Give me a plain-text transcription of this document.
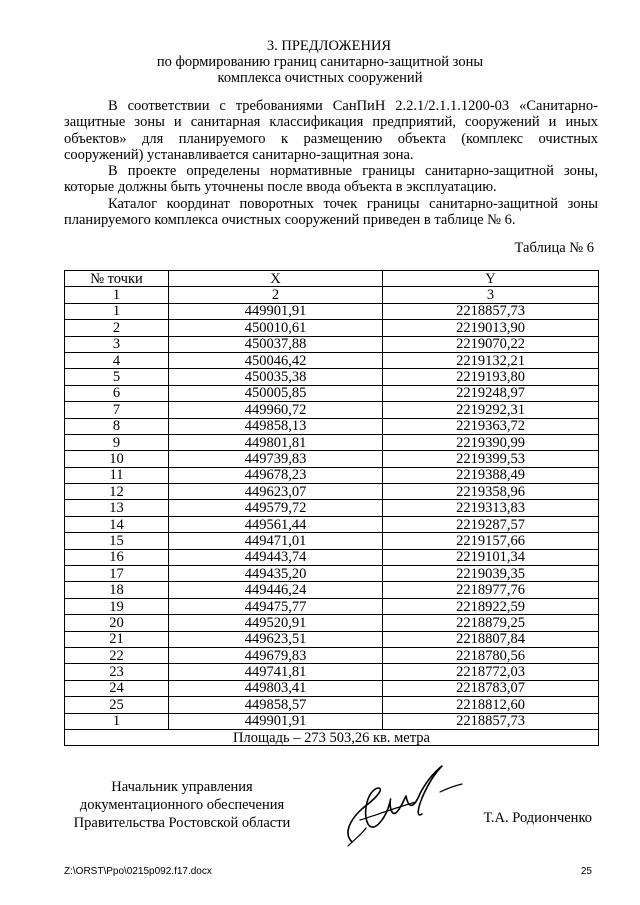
3. ПРЕДЛОЖЕНИЯ
по формированию границ санитарно-защитной зоны
комплекса очистных сооружений

В соответствии с требованиями СанПиН 2.2.1/2.1.1.1200-03 «Санитарно-защитные зоны и санитарная классификация предприятий, сооружений и иных объектов» для планируемого к размещению объекта (комплекс очистных сооружений) устанавливается санитарно-защитная зона.

В проекте определены нормативные границы санитарно-защитной зоны, которые должны быть уточнены после ввода объекта в эксплуатацию.

Каталог координат поворотных точек границы санитарно-защитной зоны планируемого комплекса очистных сооружений приведен в таблице № 6.

Таблица № 6
№ точки	X	Y
1	2	3
1	449901,91	2218857,73
2	450010,61	2219013,90
3	450037,88	2219070,22
4	450046,42	2219132,21
5	450035,38	2219193,80
6	450005,85	2219248,97
7	449960,72	2219292,31
8	449858,13	2219363,72
9	449801,81	2219390,99
10	449739,83	2219399,53
11	449678,23	2219388,49
12	449623,07	2219358,96
13	449579,72	2219313,83
14	449561,44	2219287,57
15	449471,01	2219157,66
16	449443,74	2219101,34
17	449435,20	2219039,35
18	449446,24	2218977,76
19	449475,77	2218922,59
20	449520,91	2218879,25
21	449623,51	2218807,84
22	449679,83	2218780,56
23	449741,81	2218772,03
24	449803,41	2218783,07
25	449858,57	2218812,60
1	449901,91	2218857,73
Площадь – 273 503,26 кв. метра		
Начальник управления
документационного обеспечения
Правительства Ростовской области	Т.А. Родионченко
Z:\ORST\Ppo\0215p092.f17.docx	25
